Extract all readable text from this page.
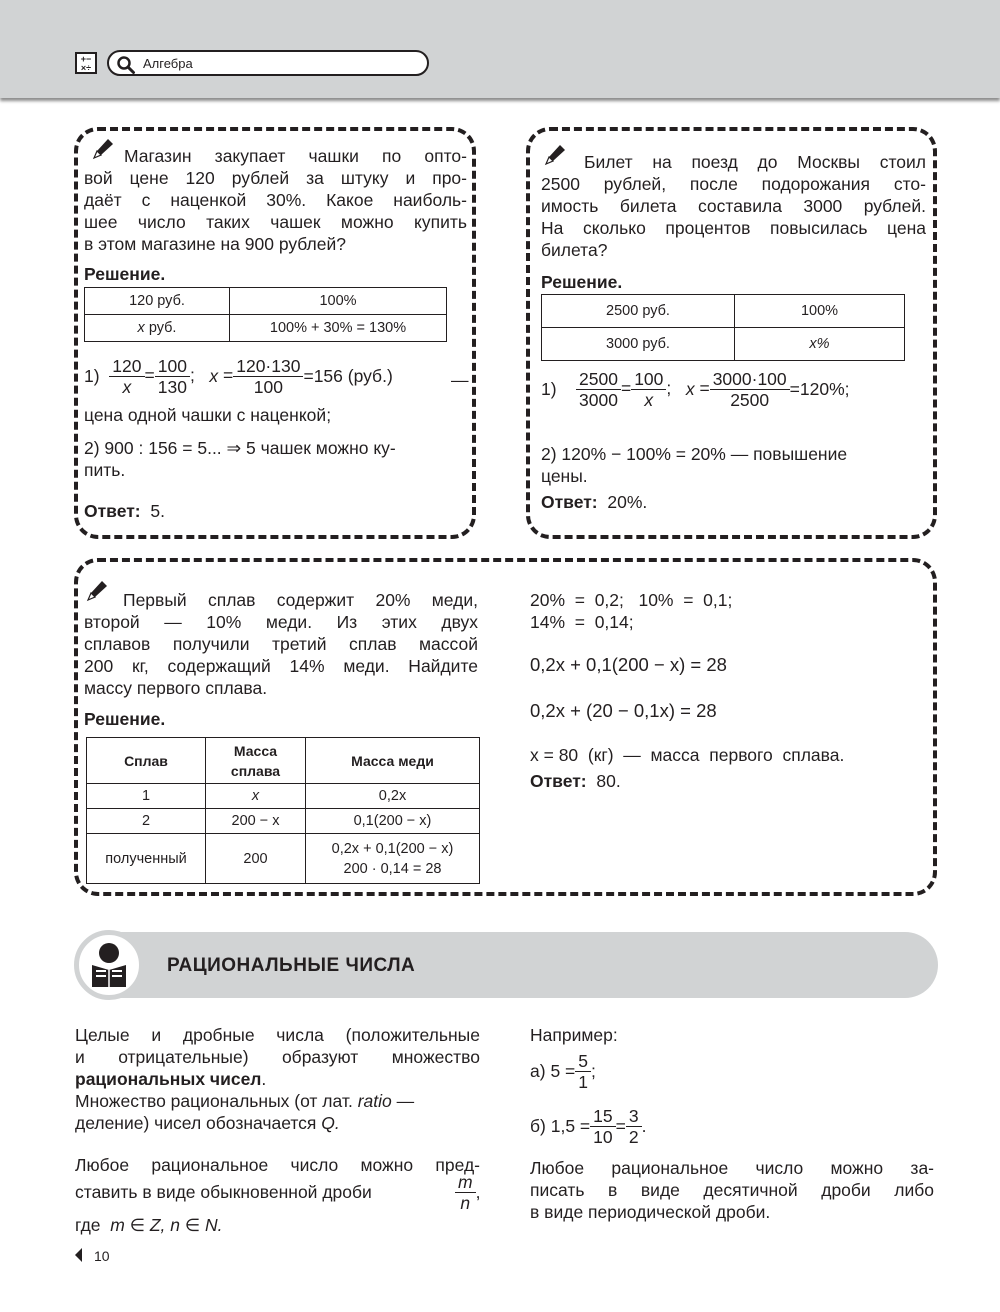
+−
×÷	Алгебра
Магазин закупает чашки по опто-
вой цене 120 рублей за штуку и про-
даёт с наценкой 30%. Какое наиболь-
шее число таких чашек можно купить
в этом магазине на 900 рублей?
Решение.
120 руб.	100%
x руб.	100% + 30% = 130%
$1) \frac{120}{x} = \frac{100}{130}$ ;   $x = \frac{120\cdot 130}{100} =156$ (руб.)	—
цена одной чашки с наценкой;
2) 900 : 156 = 5... ⇒ 5 чашек можно ку-
пить.
Ответ: 5.
Билет на поезд до Москвы стоил
2500 рублей, после подорожания сто-
имость билета составила 3000 рублей.
На сколько процентов повысилась цена
билета?
Решение.
2500 руб.	100%
3000 руб.	x%
$1) \frac{2500}{3000} = \frac{100}{x}$ ;   $x = \frac{3000\cdot 100}{2500} =120\%$;
2) 120% − 100% = 20% — повышение
цены.
Ответ: 20%.
Первый сплав содержит 20% меди,
второй — 10% меди. Из этих двух
сплавов получили третий сплав массой
200 кг, содержащий 14% меди. Найдите
массу первого сплава.
Решение.
Сплав	Масса сплава	Масса меди
1	x	0,2x
2	200 − x	0,1(200 − x)
полученный	200	0,2x + 0,1(200 − x)
200 · 0,14 = 28
20%  =  0,2;   10%  =  0,1;
14%  =  0,14;
0,2x + 0,1(200 − x) = 28
0,2x + (20 − 0,1x) = 28
x = 80  (кг)  —  масса  первого  сплава.
Ответ: 80.
РАЦИОНАЛЬНЫЕ ЧИСЛА
Целые и дробные числа (положительные
и отрицательные) образуют множество
рациональных чисел.
Множество рациональных (от лат. ratio —
деление) чисел обозначается Q.
Любое рациональное число можно пред-
ставить в виде обыкновенной дроби	$\frac{m}{n}$ ,
где m ∈ Z, n ∈ N.
Например:
а) $5 = \frac{5}{1}$ ;
б) $1,5 = \frac{15}{10} = \frac{3}{2}$ .
Любое рациональное число можно за-
писать в виде десятичной дроби либо
в виде периодической дроби.
10
